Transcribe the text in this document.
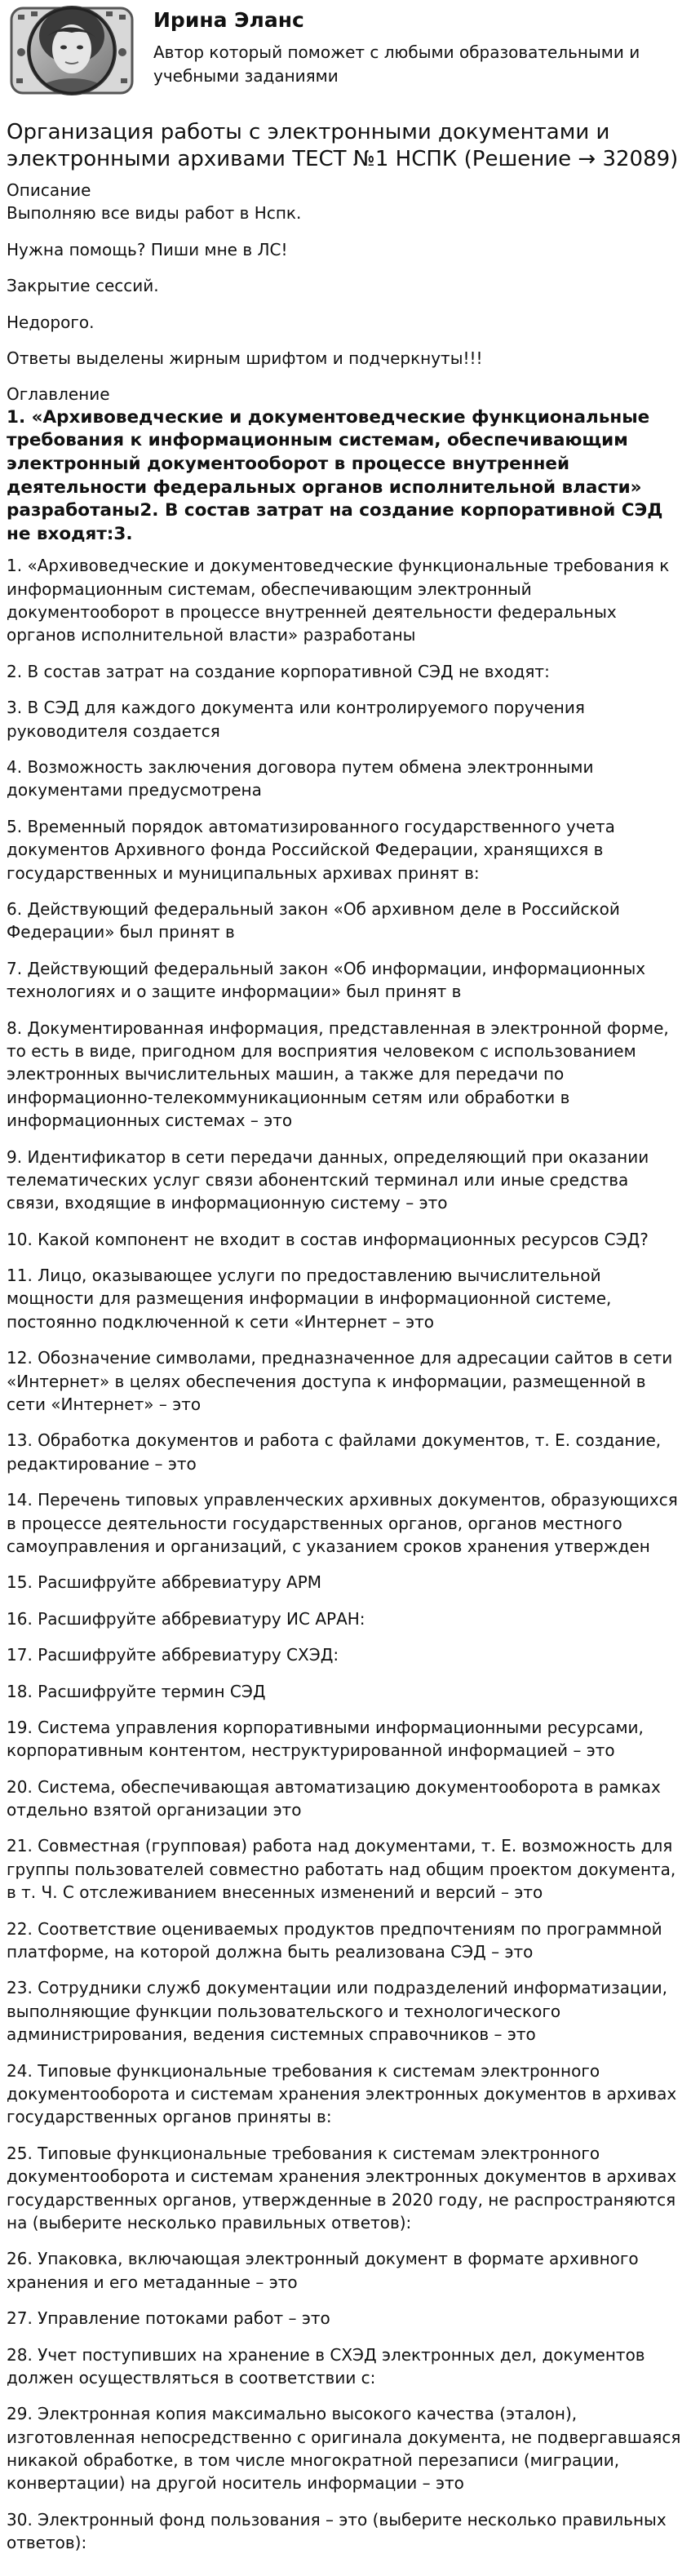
Ирина Эланс
Автор который поможет с любыми образовательными и учебными заданиями
Организация работы с электронными документами и электронными архивами ТЕСТ №1 НСПК (Решение → 32089)
Описание

Выполняю все виды работ в Нспк.

Нужна помощь? Пиши мне в ЛС!

Закрытие сессий.

Недорого.

Ответы выделены жирным шрифтом и подчеркнуты!!!

Оглавление
1. «Архивоведческие и документоведческие функциональные требования к информационным системам, обеспечивающим электронный документооборот в процессе внутренней деятельности федеральных органов исполнительной власти» разработаны2. В состав затрат на создание корпоративной СЭД не входят:3.
1. «Архивоведческие и документоведческие функциональные требования к информационным системам, обеспечивающим электронный документооборот в процессе внутренней деятельности федеральных органов исполнительной власти» разработаны
2. В состав затрат на создание корпоративной СЭД не входят:
3. В СЭД для каждого документа или контролируемого поручения руководителя создается
4. Возможность заключения договора путем обмена электронными документами предусмотрена
5. Временный порядок автоматизированного государственного учета документов Архивного фонда Российской Федерации, хранящихся в государственных и муниципальных архивах принят в:
6. Действующий федеральный закон «Об архивном деле в Российской Федерации» был принят в
7. Действующий федеральный закон «Об информации, информационных технологиях и о защите информации» был принят в
8. Документированная информация, представленная в электронной форме, то есть в виде, пригодном для восприятия человеком с использованием электронных вычислительных машин, а также для передачи по информационно-телекоммуникационным сетям или обработки в информационных системах – это
9. Идентификатор в сети передачи данных, определяющий при оказании телематических услуг связи абонентский терминал или иные средства связи, входящие в информационную систему – это
10. Какой компонент не входит в состав информационных ресурсов СЭД?
11. Лицо, оказывающее услуги по предоставлению вычислительной мощности для размещения информации в информационной системе, постоянно подключенной к сети «Интернет – это
12. Обозначение символами, предназначенное для адресации сайтов в сети «Интернет» в целях обеспечения доступа к информации, размещенной в сети «Интернет» – это
13. Обработка документов и работа с файлами документов, т. Е. создание, редактирование – это
14. Перечень типовых управленческих архивных документов, образующихся в процессе деятельности государственных органов, органов местного самоуправления и организаций, с указанием сроков хранения утвержден
15. Расшифруйте аббревиатуру АРМ
16. Расшифруйте аббревиатуру ИС АРАН:
17. Расшифруйте аббревиатуру СХЭД:
18. Расшифруйте термин СЭД
19. Система управления корпоративными информационными ресурсами, корпоративным контентом, неструктурированной информацией – это
20. Система, обеспечивающая автоматизацию документооборота в рамках отдельно взятой организации это
21. Совместная (групповая) работа над документами, т. Е. возможность для группы пользователей совместно работать над общим проектом документа, в т. Ч. С отслеживанием внесенных изменений и версий – это
22. Соответствие оцениваемых продуктов предпочтениям по программной платформе, на которой должна быть реализована СЭД – это
23. Сотрудники служб документации или подразделений информатизации, выполняющие функции пользовательского и технологического администрирования, ведения системных справочников – это
24. Типовые функциональные требования к системам электронного документооборота и системам хранения электронных документов в архивах государственных органов приняты в:
25. Типовые функциональные требования к системам электронного документооборота и системам хранения электронных документов в архивах государственных органов, утвержденные в 2020 году, не распространяются на (выберите несколько правильных ответов):
26. Упаковка, включающая электронный документ в формате архивного хранения и его метаданные – это
27. Управление потоками работ – это
28. Учет поступивших на хранение в СХЭД электронных дел, документов должен осуществляться в соответствии с:
29. Электронная копия максимально высокого качества (эталон), изготовленная непосредственно с оригинала документа, не подвергавшаяся никакой обработке, в том числе многократной перезаписи (миграции, конвертации) на другой носитель информации – это
30. Электронный фонд пользования – это (выберите несколько правильных ответов):
